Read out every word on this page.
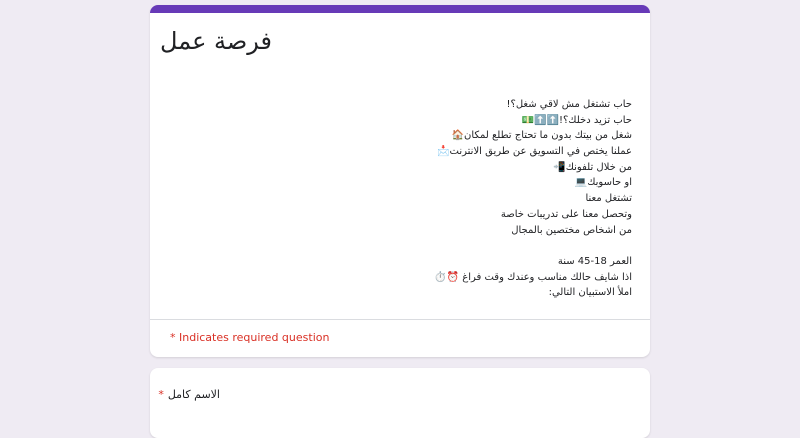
فرصة عمل
حاب تشتغل مش لاقي شغل؟!
حاب تزيد دخلك؟!⬆️⬆️💵
شغل من بيتك بدون ما تحتاج تطلع لمكان🏠
عملنا يختص في التسويق عن طريق الانترنت📩
من خلال تلفونك📲
او حاسوبك💻
تشتغل معنا
وتحصل معنا على تدريبات خاصة
من اشخاص مختصين بالمجال
العمر 18-45 سنة
اذا شايف حالك مناسب وعندك وقت فراغ ⏰⏱️
املأ الاستبيان التالي:
* Indicates required question
الاسم كامل*
